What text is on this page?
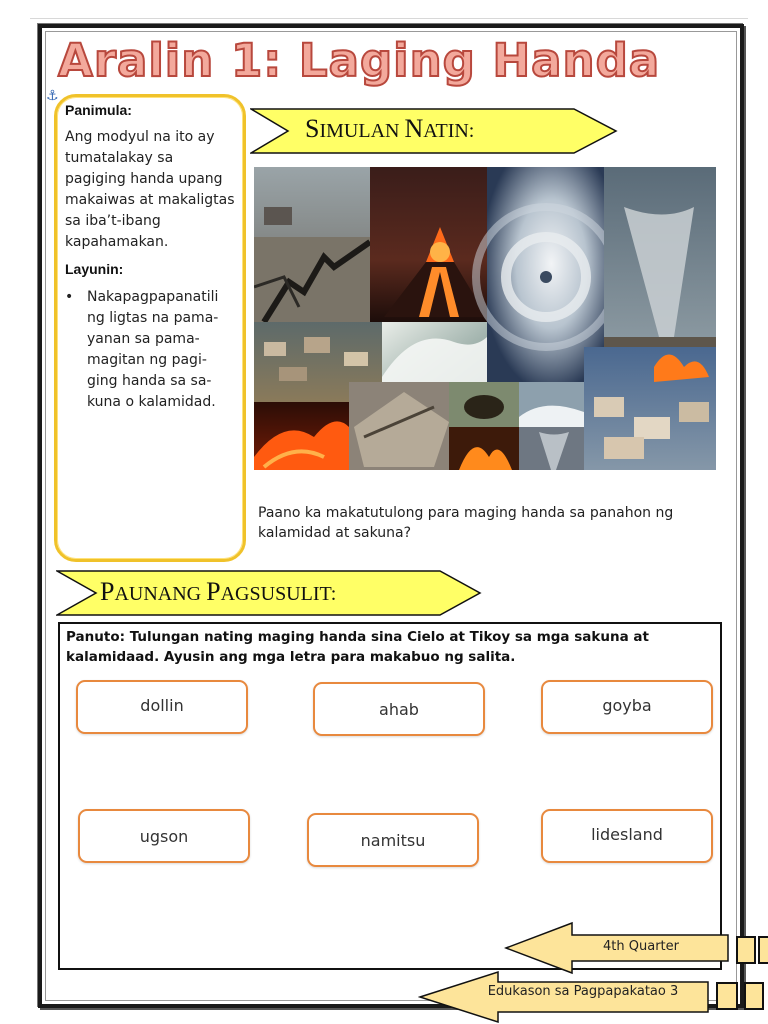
Aralin 1: Laging Handa
⚓
Panimula:
Ang modyul na ito ay tumatalakay sa pagiging handa upang makaiwas at makaligtas sa iba’t-ibang kapahamakan.
Layunin:
• Nakapagpapanatili ng ligtas na pama-yanan sa pama-magitan ng pagi-ging handa sa sa-kuna o kalamidad.
SIMULAN NATIN:
Paano ka makatutulong para maging handa sa panahon ng kalamidad at sakuna?
PAUNANG PAGSUSULIT:
Panuto: Tulungan nating maging handa sina Cielo at Tikoy sa mga sakuna at kalamidaad. Ayusin ang mga letra para makabuo ng salita.
dollin	ahab	goyba
ugson	namitsu	lidesland
4th Quarter
Edukason sa Pagpapakatao 3
